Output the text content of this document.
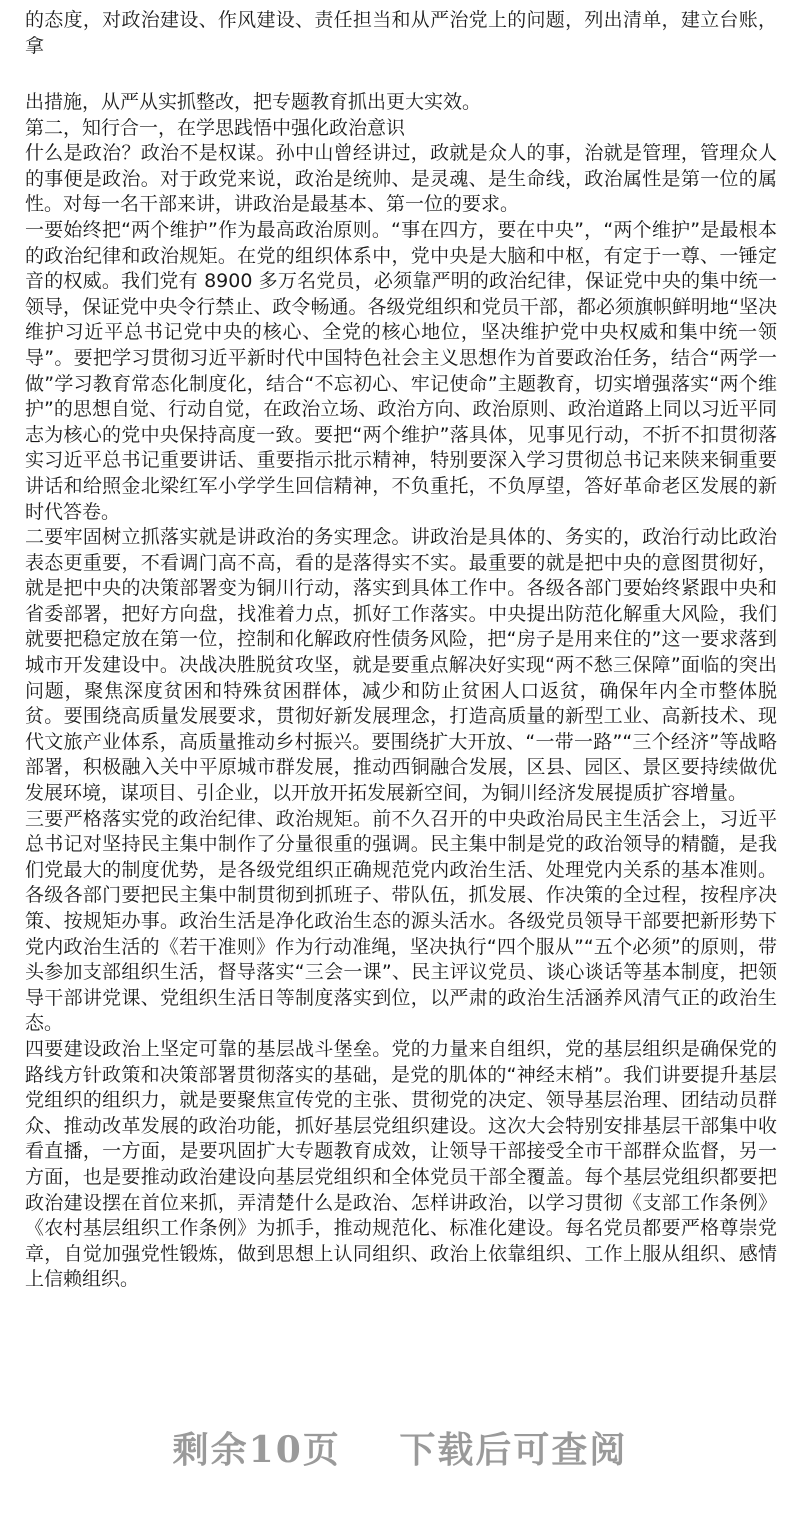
的态度，对政治建设、作风建设、责任担当和从严治党上的问题，列出清单，建立台账，拿

出措施，从严从实抓整改，把专题教育抓出更大实效。

第二，知行合一，在学思践悟中强化政治意识

什么是政治？政治不是权谋。孙中山曾经讲过，政就是众人的事，治就是管理，管理众人的事便是政治。对于政党来说，政治是统帅、是灵魂、是生命线，政治属性是第一位的属性。对每一名干部来讲，讲政治是最基本、第一位的要求。

一要始终把“两个维护”作为最高政治原则。“事在四方，要在中央”，“两个维护”是最根本的政治纪律和政治规矩。在党的组织体系中，党中央是大脑和中枢，有定于一尊、一锤定音的权威。我们党有 8900 多万名党员，必须靠严明的政治纪律，保证党中央的集中统一领导，保证党中央令行禁止、政令畅通。各级党组织和党员干部，都必须旗帜鲜明地“坚决维护习近平总书记党中央的核心、全党的核心地位，坚决维护党中央权威和集中统一领导”。要把学习贯彻习近平新时代中国特色社会主义思想作为首要政治任务，结合“两学一做”学习教育常态化制度化，结合“不忘初心、牢记使命”主题教育，切实增强落实“两个维护”的思想自觉、行动自觉，在政治立场、政治方向、政治原则、政治道路上同以习近平同志为核心的党中央保持高度一致。要把“两个维护”落具体，见事见行动，不折不扣贯彻落实习近平总书记重要讲话、重要指示批示精神，特别要深入学习贯彻总书记来陕来铜重要讲话和给照金北梁红军小学学生回信精神，不负重托，不负厚望，答好革命老区发展的新时代答卷。

二要牢固树立抓落实就是讲政治的务实理念。讲政治是具体的、务实的，政治行动比政治表态更重要，不看调门高不高，看的是落得实不实。最重要的就是把中央的意图贯彻好，就是把中央的决策部署变为铜川行动，落实到具体工作中。各级各部门要始终紧跟中央和省委部署，把好方向盘，找准着力点，抓好工作落实。中央提出防范化解重大风险，我们就要把稳定放在第一位，控制和化解政府性债务风险，把“房子是用来住的”这一要求落到城市开发建设中。决战决胜脱贫攻坚，就是要重点解决好实现“两不愁三保障”面临的突出问题，聚焦深度贫困和特殊贫困群体，减少和防止贫困人口返贫，确保年内全市整体脱贫。要围绕高质量发展要求，贯彻好新发展理念，打造高质量的新型工业、高新技术、现代文旅产业体系，高质量推动乡村振兴。要围绕扩大开放、“一带一路”“三个经济”等战略部署，积极融入关中平原城市群发展，推动西铜融合发展，区县、园区、景区要持续做优发展环境，谋项目、引企业，以开放开拓发展新空间，为铜川经济发展提质扩容增量。

三要严格落实党的政治纪律、政治规矩。前不久召开的中央政治局民主生活会上，习近平总书记对坚持民主集中制作了分量很重的强调。民主集中制是党的政治领导的精髓，是我们党最大的制度优势，是各级党组织正确规范党内政治生活、处理党内关系的基本准则。各级各部门要把民主集中制贯彻到抓班子、带队伍，抓发展、作决策的全过程，按程序决策、按规矩办事。政治生活是净化政治生态的源头活水。各级党员领导干部要把新形势下党内政治生活的《若干准则》作为行动准绳，坚决执行“四个服从”“五个必须”的原则，带头参加支部组织生活，督导落实“三会一课”、民主评议党员、谈心谈话等基本制度，把领导干部讲党课、党组织生活日等制度落实到位，以严肃的政治生活涵养风清气正的政治生态。

四要建设政治上坚定可靠的基层战斗堡垒。党的力量来自组织，党的基层组织是确保党的路线方针政策和决策部署贯彻落实的基础，是党的肌体的“神经末梢”。我们讲要提升基层党组织的组织力，就是要聚焦宣传党的主张、贯彻党的决定、领导基层治理、团结动员群众、推动改革发展的政治功能，抓好基层党组织建设。这次大会特别安排基层干部集中收看直播，一方面，是要巩固扩大专题教育成效，让领导干部接受全市干部群众监督，另一方面，也是要推动政治建设向基层党组织和全体党员干部全覆盖。每个基层党组织都要把政治建设摆在首位来抓，弄清楚什么是政治、怎样讲政治，以学习贯彻《支部工作条例》《农村基层组织工作条例》为抓手，推动规范化、标准化建设。每名党员都要严格尊崇党章，自觉加强党性锻炼，做到思想上认同组织、政治上依靠组织、工作上服从组织、感情上信赖组织。

剩余10页 下载后可查阅
